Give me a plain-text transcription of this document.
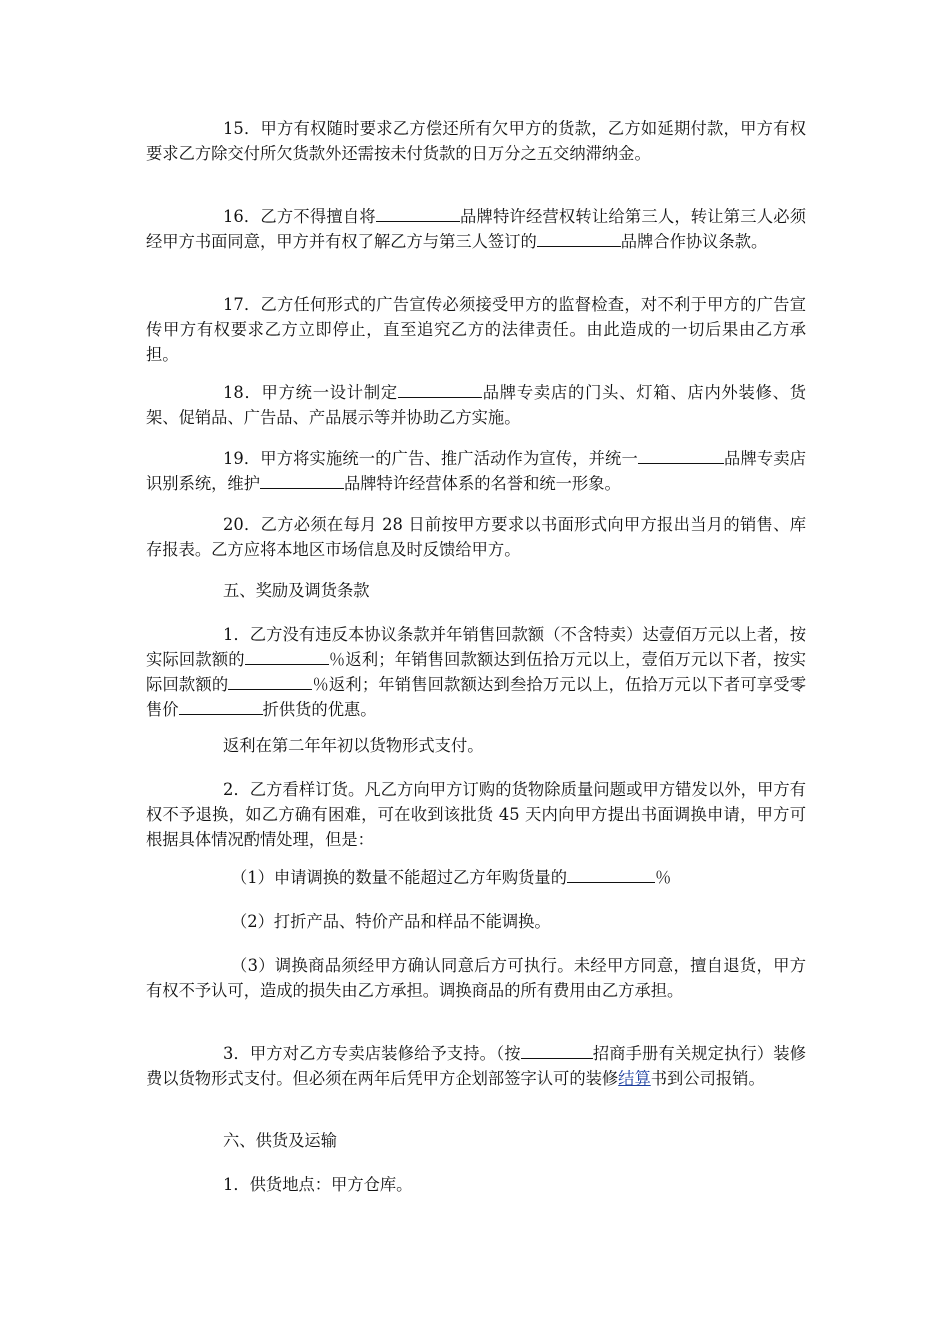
15．甲方有权随时要求乙方偿还所有欠甲方的货款，乙方如延期付款，甲方有权要求乙方除交付所欠货款外还需按未付货款的日万分之五交纳滞纳金。

16．乙方不得擅自将	品牌特许经营权转让给第三人，转让第三人必须经甲方书面同意，甲方并有权了解乙方与第三人签订的	品牌合作协议条款。

17．乙方任何形式的广告宣传必须接受甲方的监督检查，对不利于甲方的广告宣传甲方有权要求乙方立即停止，直至追究乙方的法律责任。由此造成的一切后果由乙方承担。

18．甲方统一设计制定	品牌专卖店的门头、灯箱、店内外装修、货架、促销品、广告品、产品展示等并协助乙方实施。

19．甲方将实施统一的广告、推广活动作为宣传，并统一	品牌专卖店识别系统，维护	品牌特许经营体系的名誉和统一形象。

20．乙方必须在每月 28 日前按甲方要求以书面形式向甲方报出当月的销售、库存报表。乙方应将本地区市场信息及时反馈给甲方。

五、奖励及调货条款

1．乙方没有违反本协议条款并年销售回款额（不含特卖）达壹佰万元以上者，按实际回款额的	％返利；年销售回款额达到伍拾万元以上，壹佰万元以下者，按实际回款额的	％返利；年销售回款额达到叁拾万元以上，伍拾万元以下者可享受零售价	折供货的优惠。

返利在第二年年初以货物形式支付。

2．乙方看样订货。凡乙方向甲方订购的货物除质量问题或甲方错发以外，甲方有权不予退换，如乙方确有困难，可在收到该批货 45 天内向甲方提出书面调换申请，甲方可根据具体情况酌情处理，但是：

（1）申请调换的数量不能超过乙方年购货量的	％

（2）打折产品、特价产品和样品不能调换。

（3）调换商品须经甲方确认同意后方可执行。未经甲方同意，擅自退货，甲方有权不予认可，造成的损失由乙方承担。调换商品的所有费用由乙方承担。

3．甲方对乙方专卖店装修给予支持。（按	招商手册有关规定执行）装修费以货物形式支付。但必须在两年后凭甲方企划部签字认可的装修结算书到公司报销。

六、供货及运输

1．供货地点：甲方仓库。
